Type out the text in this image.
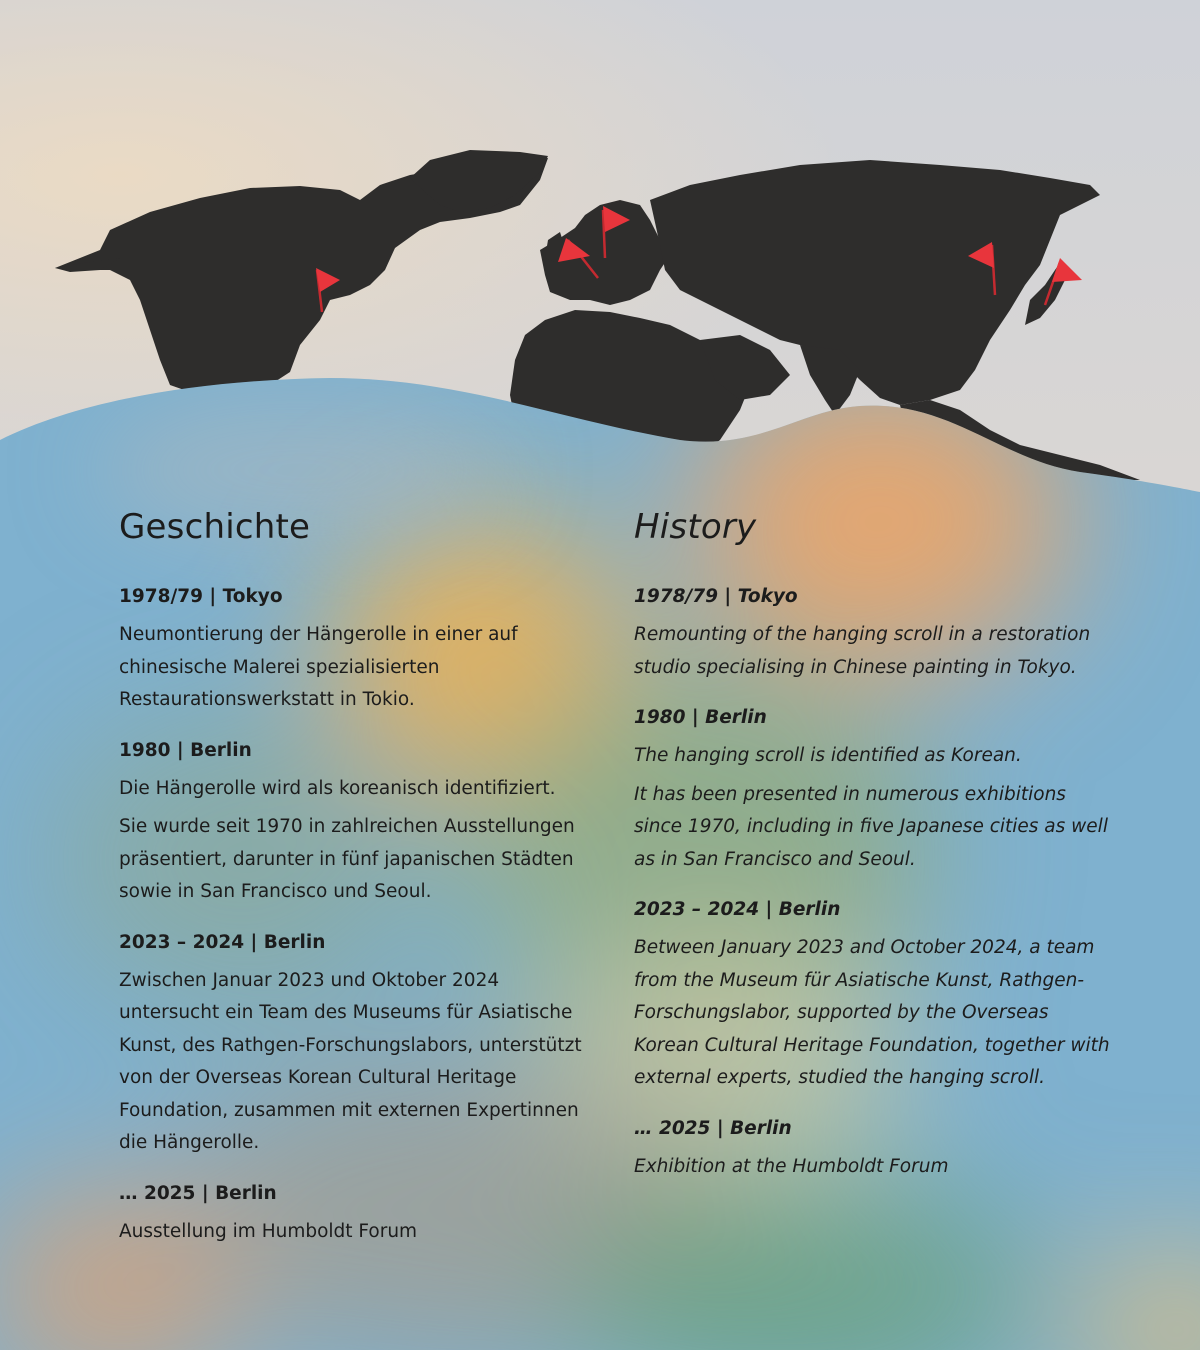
Geschichte
1978/79 | Tokyo

Neumontierung der Hängerolle in einer auf chinesische Malerei spezialisierten Restaurationswerkstatt in Tokio.

1980 | Berlin

Die Hängerolle wird als koreanisch identifiziert.

Sie wurde seit 1970 in zahlreichen Ausstellungen präsentiert, darunter in fünf japanischen Städten sowie in San Francisco und Seoul.

2023 – 2024 | Berlin

Zwischen Januar 2023 und Oktober 2024 untersucht ein Team des Museums für Asiatische Kunst, des Rathgen-Forschungslabors, unterstützt von der Overseas Korean Cultural Heritage Foundation, zusammen mit externen Expertinnen die Hängerolle.

… 2025 | Berlin

Ausstellung im Humboldt Forum

History
1978/79 | Tokyo

Remounting of the hanging scroll in a restoration studio specialising in Chinese painting in Tokyo.

1980 | Berlin

The hanging scroll is identified as Korean.

It has been presented in numerous exhibitions since 1970, including in five Japanese cities as well as in San Francisco and Seoul.

2023 – 2024 | Berlin

Between January 2023 and October 2024, a team from the Museum für Asiatische Kunst, Rathgen-Forschungslabor, supported by the Overseas Korean Cultural Heritage Foundation, together with external experts, studied the hanging scroll.

… 2025 | Berlin

Exhibition at the Humboldt Forum
